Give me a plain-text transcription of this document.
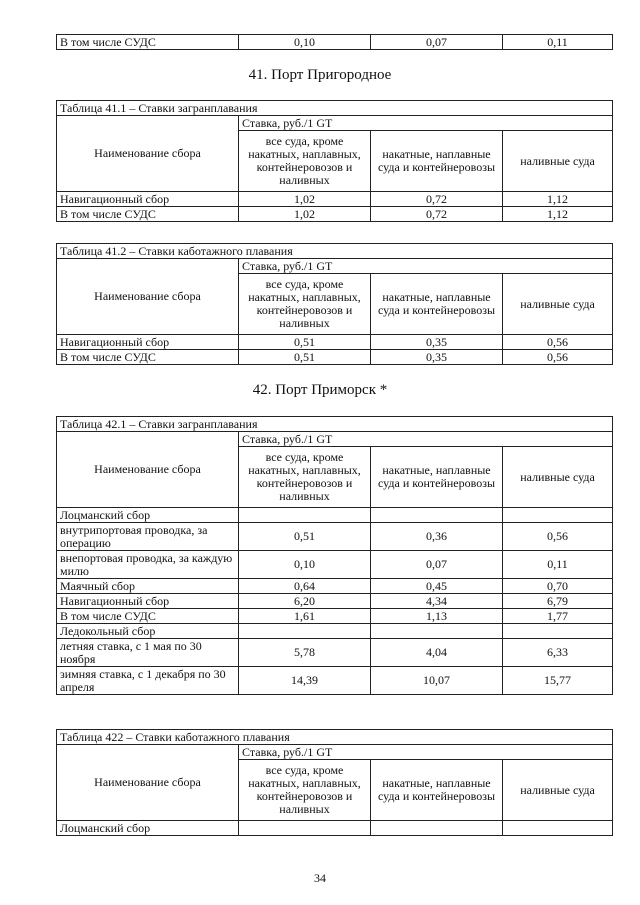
В том числе СУДС	0,10	0,07	0,11
41. Порт Пригородное
Таблица 41.1 – Ставки загранплавания			
Наименование сбора	Ставка, руб./1 GT		
	все суда, кроме накатных, наплавных, контейнеровозов и наливных	накатные, наплавные суда и контейнеровозы	наливные суда
Навигационный сбор	1,02	0,72	1,12
В том числе СУДС	1,02	0,72	1,12
Таблица 41.2 – Ставки каботажного плавания			
Наименование сбора	Ставка, руб./1 GT		
	все суда, кроме накатных, наплавных, контейнеровозов и наливных	накатные, наплавные суда и контейнеровозы	наливные суда
Навигационный сбор	0,51	0,35	0,56
В том числе СУДС	0,51	0,35	0,56
42. Порт Приморск *
Таблица 42.1 – Ставки загранплавания			
Наименование сбора	Ставка, руб./1 GT		
	все суда, кроме накатных, наплавных, контейнеровозов и наливных	накатные, наплавные суда и контейнеровозы	наливные суда
Лоцманский сбор			
внутрипортовая проводка, за операцию	0,51	0,36	0,56
внепортовая проводка, за каждую милю	0,10	0,07	0,11
Маячный сбор	0,64	0,45	0,70
Навигационный сбор	6,20	4,34	6,79
В том числе СУДС	1,61	1,13	1,77
Ледокольный сбор			
летняя ставка, с 1 мая по 30 ноября	5,78	4,04	6,33
зимняя ставка, с 1 декабря по 30 апреля	14,39	10,07	15,77
Таблица 422 – Ставки каботажного плавания			
Наименование сбора	Ставка, руб./1 GT		
	все суда, кроме накатных, наплавных, контейнеровозов и наливных	накатные, наплавные суда и контейнеровозы	наливные суда
Лоцманский сбор			
34
